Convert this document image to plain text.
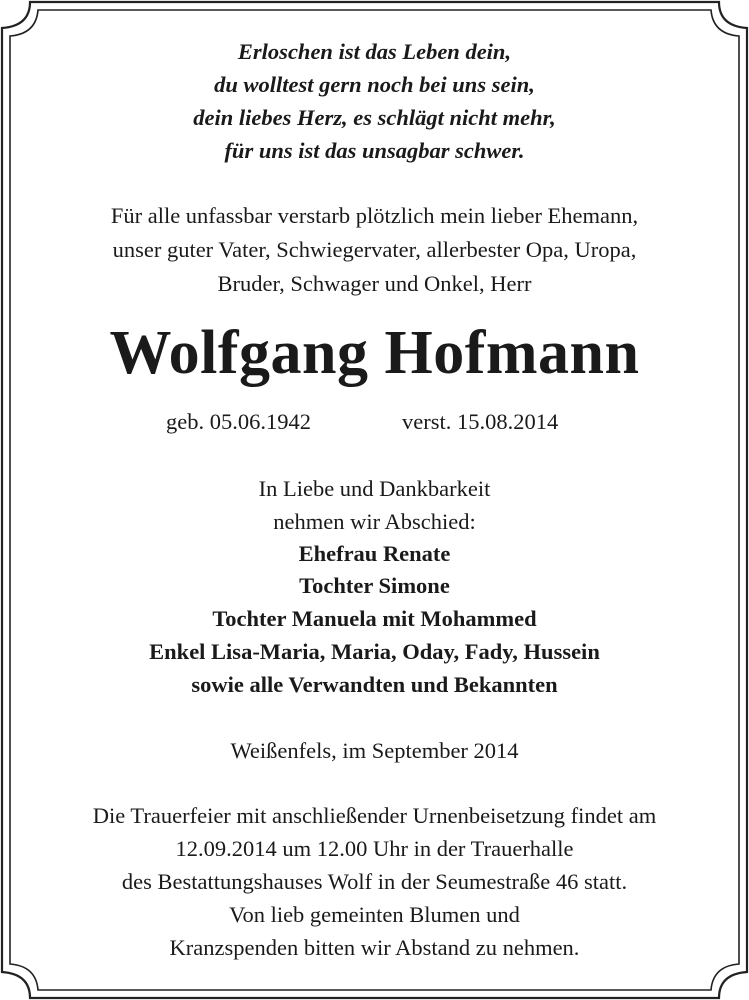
Erloschen ist das Leben dein,
du wolltest gern noch bei uns sein,
dein liebes Herz, es schlägt nicht mehr,
für uns ist das unsagbar schwer.
Für alle unfassbar verstarb plötzlich mein lieber Ehemann,
unser guter Vater, Schwiegervater, allerbester Opa, Uropa,
Bruder, Schwager und Onkel, Herr
Wolfgang Hofmann
geb. 05.06.1942	verst. 15.08.2014
In Liebe und Dankbarkeit
nehmen wir Abschied:
Ehefrau Renate
Tochter Simone
Tochter Manuela mit Mohammed
Enkel Lisa-Maria, Maria, Oday, Fady, Hussein
sowie alle Verwandten und Bekannten
Weißenfels, im September 2014
Die Trauerfeier mit anschließender Urnenbeisetzung findet am
12.09.2014 um 12.00 Uhr in der Trauerhalle
des Bestattungshauses Wolf in der Seumestraße 46 statt.
Von lieb gemeinten Blumen und
Kranzspenden bitten wir Abstand zu nehmen.
